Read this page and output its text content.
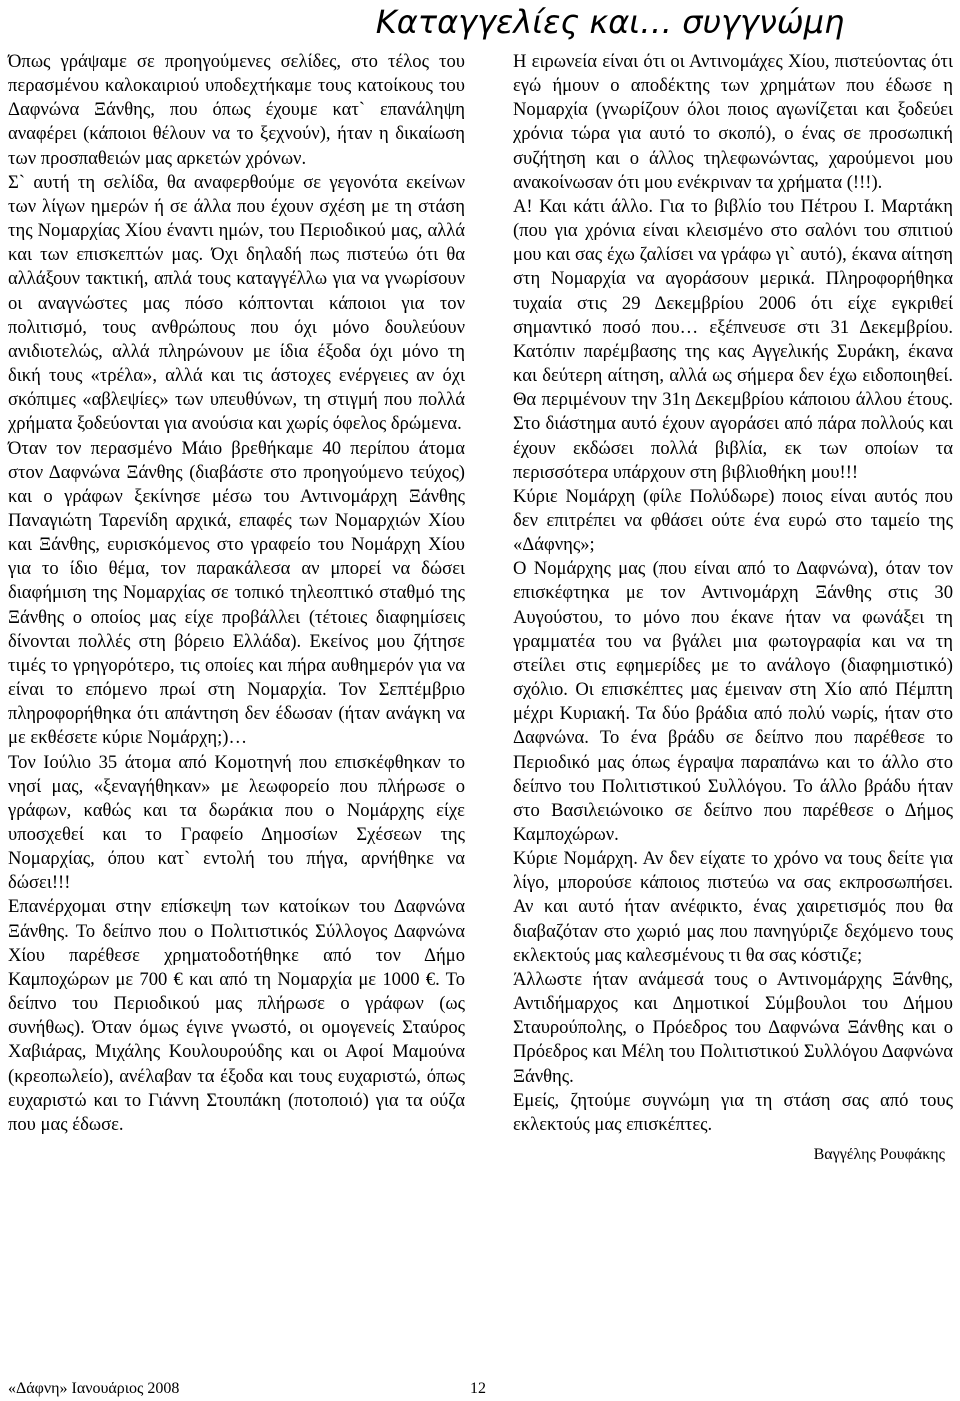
Καταγγελίες και… συγγνώμη

Όπως γράψαμε σε προηγούμενες σελίδες, στο τέλος του περασμένου καλοκαιριού υποδεχτήκαμε τους κατοίκους του Δαφνώνα Ξάνθης, που όπως έχουμε κατ` επανάληψη αναφέρει (κάποιοι θέλουν να το ξεχνούν), ήταν η δικαίωση των προσπαθειών μας αρκετών χρόνων.

Σ` αυτή τη σελίδα, θα αναφερθούμε σε γεγονότα εκείνων των λίγων ημερών ή σε άλλα που έχουν σχέση με τη στάση της Νομαρχίας Χίου έναντι ημών, του Περιοδικού μας, αλλά και των επισκεπτών μας. Όχι δηλαδή πως πιστεύω ότι θα αλλάξουν τακτική, απλά τους καταγγέλλω για να γνωρίσουν οι αναγνώστες μας πόσο κόπτονται κάποιοι για τον πολιτισμό, τους ανθρώπους που όχι μόνο δουλεύουν ανιδιοτελώς, αλλά πληρώνουν με ίδια έξοδα όχι μόνο τη δική τους «τρέλα», αλλά και τις άστοχες ενέργειες αν όχι σκόπιμες «αβλεψίες» των υπευθύνων, τη στιγμή που πολλά χρήματα ξοδεύονται για ανούσια και χωρίς όφελος δρώμενα.

Όταν τον περασμένο Μάιο βρεθήκαμε 40 περίπου άτομα στον Δαφνώνα Ξάνθης (διαβάστε στο προηγούμενο τεύχος) και ο γράφων ξεκίνησε μέσω του Αντινομάρχη Ξάνθης Παναγιώτη Ταρενίδη αρχικά, επαφές των Νομαρχιών Χίου και Ξάνθης, ευρισκόμενος στο γραφείο του Νομάρχη Χίου για το ίδιο θέμα, τον παρακάλεσα αν μπορεί να δώσει διαφήμιση της Νομαρχίας σε τοπικό τηλεοπτικό σταθμό της Ξάνθης ο οποίος μας είχε προβάλλει (τέτοιες διαφημίσεις δίνονται πολλές στη βόρειο Ελλάδα). Εκείνος μου ζήτησε τιμές το γρηγορότερο, τις οποίες και πήρα αυθημερόν για να είναι το επόμενο πρωί στη Νομαρχία. Τον Σεπτέμβριο πληροφορήθηκα ότι απάντηση δεν έδωσαν (ήταν ανάγκη να με εκθέσετε κύριε Νομάρχη;)…

Τον Ιούλιο 35 άτομα από Κομοτηνή που επισκέφθηκαν το νησί μας, «ξεναγήθηκαν» με λεωφορείο που πλήρωσε ο γράφων, καθώς και τα δωράκια που ο Νομάρχης είχε υποσχεθεί και το Γραφείο Δημοσίων Σχέσεων της Νομαρχίας, όπου κατ` εντολή του πήγα, αρνήθηκε να δώσει!!!

Επανέρχομαι στην επίσκεψη των κατοίκων του Δαφνώνα Ξάνθης. Το δείπνο που ο Πολιτιστικός Σύλλογος Δαφνώνα Χίου παρέθεσε χρηματοδοτήθηκε από τον Δήμο Καμποχώρων με 700 € και από τη Νομαρχία με 1000 €. Το δείπνο του Περιοδικού μας πλήρωσε ο γράφων (ως συνήθως). Όταν όμως έγινε γνωστό, οι ομογενείς Σταύρος Χαβιάρας, Μιχάλης Κουλουρούδης και οι Αφοί Μαμούνα (κρεοπωλείο), ανέλαβαν τα έξοδα και τους ευχαριστώ, όπως ευχαριστώ και το Γιάννη Στουπάκη (ποτοποιό) για τα ούζα που μας έδωσε.

Η ειρωνεία είναι ότι οι Αντινομάχες Χίου, πιστεύοντας ότι εγώ ήμουν ο αποδέκτης των χρημάτων που έδωσε η Νομαρχία (γνωρίζουν όλοι ποιος αγωνίζεται και ξοδεύει χρόνια τώρα για αυτό το σκοπό), ο ένας σε προσωπική συζήτηση και ο άλλος τηλεφωνώντας, χαρούμενοι μου ανακοίνωσαν ότι μου ενέκριναν τα χρήματα (!!!).

Α! Και κάτι άλλο. Για το βιβλίο του Πέτρου Ι. Μαρτάκη (που για χρόνια είναι κλεισμένο στο σαλόνι του σπιτιού μου και σας έχω ζαλίσει να γράφω γι` αυτό), έκανα αίτηση στη Νομαρχία να αγοράσουν μερικά. Πληροφορήθηκα τυχαία στις 29 Δεκεμβρίου 2006 ότι είχε εγκριθεί σημαντικό ποσό που… εξέπνευσε στι 31 Δεκεμβρίου. Κατόπιν παρέμβασης της κας Αγγελικής Συράκη, έκανα και δεύτερη αίτηση, αλλά ως σήμερα δεν έχω ειδοποιηθεί. Θα περιμένουν την 31η Δεκεμβρίου κάποιου άλλου έτους. Στο διάστημα αυτό έχουν αγοράσει από πάρα πολλούς και έχουν εκδώσει πολλά βιβλία, εκ των οποίων τα περισσότερα υπάρχουν στη βιβλιοθήκη μου!!!

Κύριε Νομάρχη (φίλε Πολύδωρε) ποιος είναι αυτός που δεν επιτρέπει να φθάσει ούτε ένα ευρώ στο ταμείο της «Δάφνης»;

Ο Νομάρχης μας (που είναι από το Δαφνώνα), όταν τον επισκέφτηκα με τον Αντινομάρχη Ξάνθης στις 30 Αυγούστου, το μόνο που έκανε ήταν να φωνάξει τη γραμματέα του να βγάλει μια φωτογραφία και να τη στείλει στις εφημερίδες με το ανάλογο (διαφημιστικό) σχόλιο. Οι επισκέπτες μας έμειναν στη Χίο από Πέμπτη μέχρι Κυριακή. Τα δύο βράδια από πολύ νωρίς, ήταν στο Δαφνώνα. Το ένα βράδυ σε δείπνο που παρέθεσε το Περιοδικό μας όπως έγραψα παραπάνω και το άλλο στο δείπνο του Πολιτιστικού Συλλόγου. Το άλλο βράδυ ήταν στο Βασιλειώνοικο σε δείπνο που παρέθεσε ο Δήμος Καμποχώρων.

Κύριε Νομάρχη. Αν δεν είχατε το χρόνο να τους δείτε για λίγο, μπορούσε κάποιος πιστεύω να σας εκπροσωπήσει. Αν και αυτό ήταν ανέφικτο, ένας χαιρετισμός που θα διαβαζόταν στο χωριό μας που πανηγύριζε δεχόμενο τους εκλεκτούς μας καλεσμένους τι θα σας κόστιζε;

Άλλωστε ήταν ανάμεσά τους ο Αντινομάρχης Ξάνθης, Αντιδήμαρχος και Δημοτικοί Σύμβουλοι του Δήμου Σταυρούπολης, ο Πρόεδρος του Δαφνώνα Ξάνθης και ο Πρόεδρος και Μέλη του Πολιτιστικού Συλλόγου Δαφνώνα Ξάνθης.

Εμείς, ζητούμε συγνώμη για τη στάση σας από τους εκλεκτούς μας επισκέπτες.

Βαγγέλης Ρουφάκης
«Δάφνη» Ιανουάριος 2008	12
